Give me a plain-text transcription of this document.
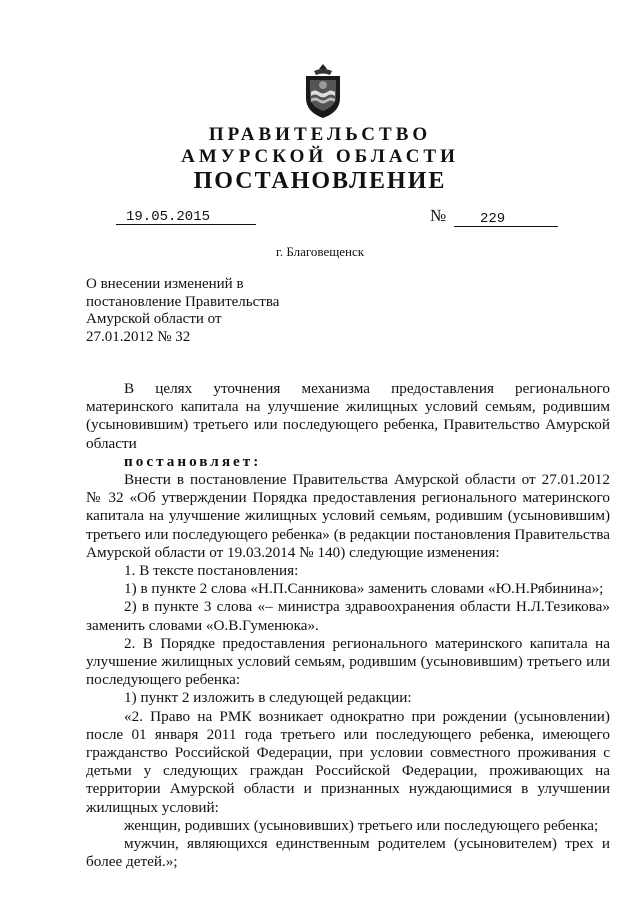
ПРАВИТЕЛЬСТВО
АМУРСКОЙ ОБЛАСТИ
ПОСТАНОВЛЕНИЕ
19.05.2015	№	229
г. Благовещенск
О внесении изменений в
постановление Правительства
Амурской области от
27.01.2012 № 32

В целях уточнения механизма предоставления регионального материнского капитала на улучшение жилищных условий семьям, родившим (усыновившим) третьего или последующего ребенка, Правительство Амурской области

постановляет:

Внести в постановление Правительства Амурской области от 27.01.2012 № 32 «Об утверждении Порядка предоставления регионального материнского капитала на улучшение жилищных условий семьям, родившим (усыновившим) третьего или последующего ребенка» (в редакции постановления Правительства Амурской области от 19.03.2014 № 140) следующие изменения:

1. В тексте постановления:

1) в пункте 2 слова «Н.П.Санникова» заменить словами «Ю.Н.Рябинина»;

2) в пункте 3 слова «– министра здравоохранения области Н.Л.Тезикова» заменить словами «О.В.Гуменюка».

2. В Порядке предоставления регионального материнского капитала на улучшение жилищных условий семьям, родившим (усыновившим) третьего или последующего ребенка:

1) пункт 2 изложить в следующей редакции:

«2. Право на РМК возникает однократно при рождении (усыновлении) после 01 января 2011 года третьего или последующего ребенка, имеющего гражданство Российской Федерации, при условии совместного проживания с детьми у следующих граждан Российской Федерации, проживающих на территории Амурской области и признанных нуждающимися в улучшении жилищных условий:

женщин, родивших (усыновивших) третьего или последующего ребенка;

мужчин, являющихся единственным родителем (усыновителем) трех и более детей.»;
